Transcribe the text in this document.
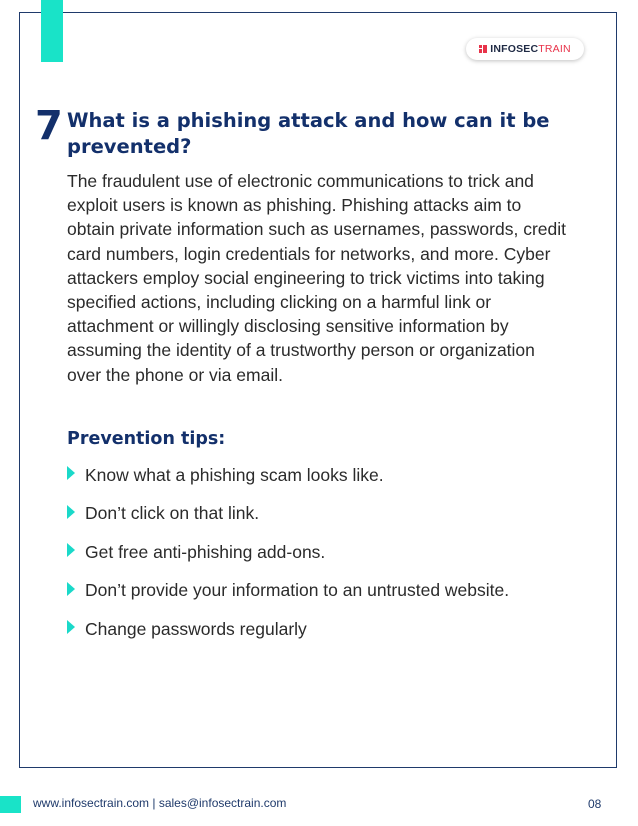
INFOSEC TRAIN
7 What is a phishing attack and how can it be prevented?

The fraudulent use of electronic communications to trick and exploit users is known as phishing. Phishing attacks aim to obtain private information such as usernames, passwords, credit card numbers, login credentials for networks, and more. Cyber attackers employ social engineering to trick victims into taking specified actions, including clicking on a harmful link or attachment or willingly disclosing sensitive information by assuming the identity of a trustworthy person or organization over the phone or via email.

Prevention tips:
Know what a phishing scam looks like.
Don’t click on that link.
Get free anti-phishing add-ons.
Don’t provide your information to an untrusted website.
Change passwords regularly
www.infosectrain.com | sales@infosectrain.com	08
